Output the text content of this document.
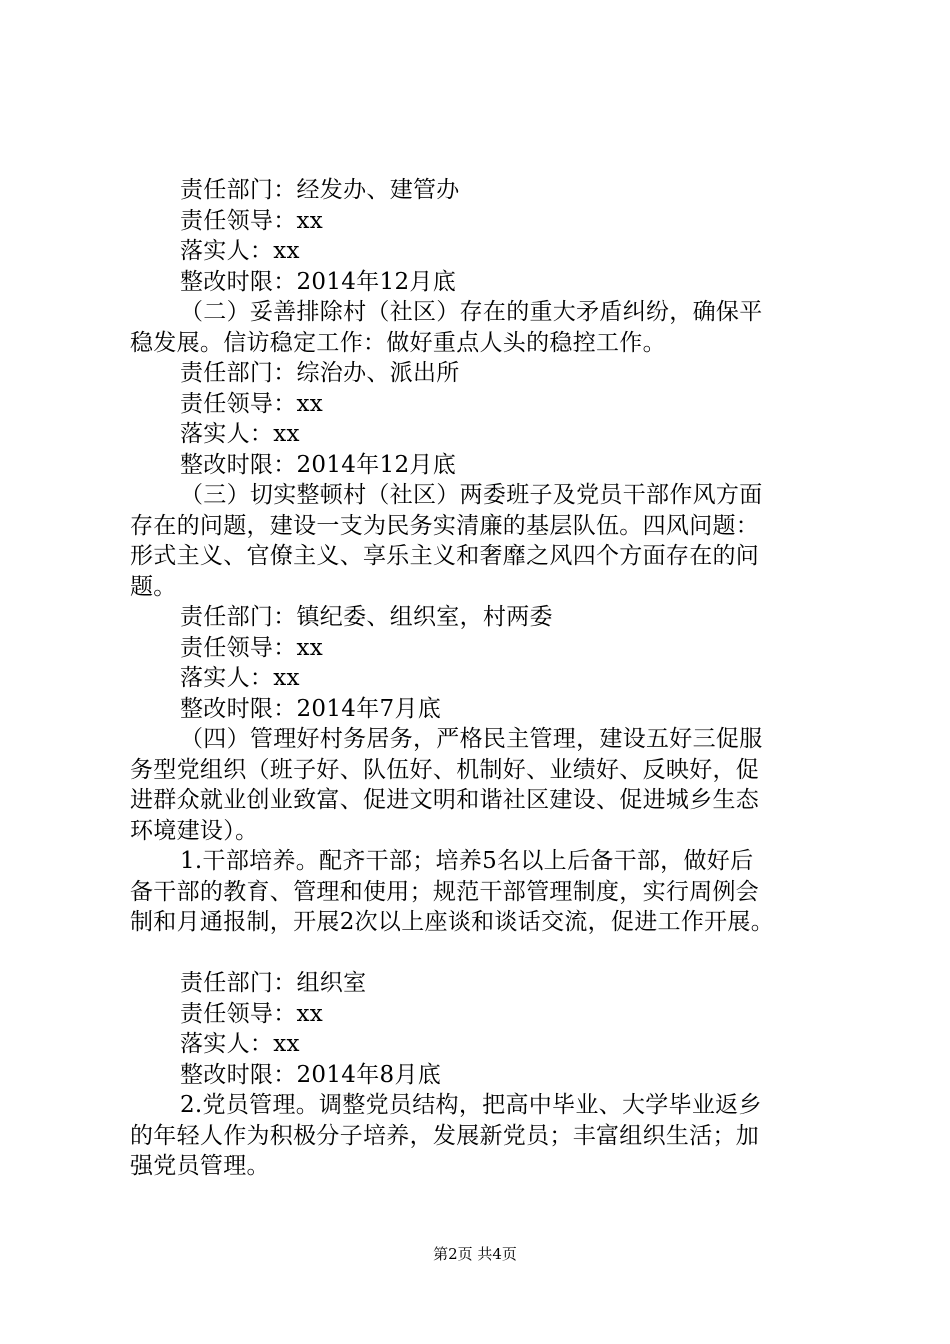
责任部门：经发办、建管办
责任领导：xx
落实人：xx
整改时限：2014年12月底
（二）妥善排除村（社区）存在的重大矛盾纠纷，确保平
稳发展。信访稳定工作：做好重点人头的稳控工作。
责任部门：综治办、派出所
责任领导：xx
落实人：xx
整改时限：2014年12月底
（三）切实整顿村（社区）两委班子及党员干部作风方面
存在的问题，建设一支为民务实清廉的基层队伍。四风问题：
形式主义、官僚主义、享乐主义和奢靡之风四个方面存在的问
题。
责任部门：镇纪委、组织室，村两委
责任领导：xx
落实人：xx
整改时限：2014年7月底
（四）管理好村务居务，严格民主管理，建设五好三促服
务型党组织（班子好、队伍好、机制好、业绩好、反映好，促
进群众就业创业致富、促进文明和谐社区建设、促进城乡生态
环境建设）。
1.干部培养。配齐干部；培养5名以上后备干部，做好后
备干部的教育、管理和使用；规范干部管理制度，实行周例会
制和月通报制，开展2次以上座谈和谈话交流，促进工作开展。
责任部门：组织室
责任领导：xx
落实人：xx
整改时限：2014年8月底
2.党员管理。调整党员结构，把高中毕业、大学毕业返乡
的年轻人作为积极分子培养，发展新党员；丰富组织生活；加
强党员管理。
第2页 共4页
